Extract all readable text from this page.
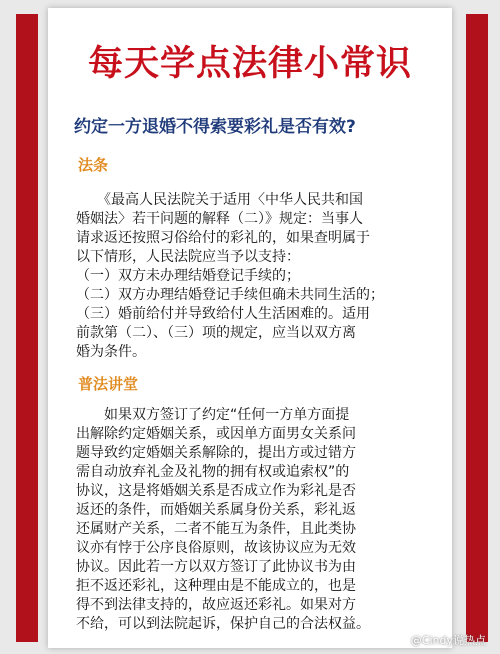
每天学点法律小常识
约定一方退婚不得索要彩礼是否有效?
法条
　　《最高人民法院关于适用〈中华人民共和国
婚姻法〉若干问题的解释（二）》规定：当事人
请求返还按照习俗给付的彩礼的，如果查明属于
以下情形，人民法院应当予以支持：
（一）双方未办理结婚登记手续的；
（二）双方办理结婚登记手续但确未共同生活的；
（三）婚前给付并导致给付人生活困难的。适用
前款第（二）、（三）项的规定，应当以双方离
婚为条件。
普法讲堂
　　如果双方签订了约定“任何一方单方面提
出解除约定婚姻关系，或因单方面男女关系问
题导致约定婚姻关系解除的，提出方或过错方
需自动放弃礼金及礼物的拥有权或追索权”的
协议，这是将婚姻关系是否成立作为彩礼是否
返还的条件，而婚姻关系属身份关系，彩礼返
还属财产关系，二者不能互为条件，且此类协
议亦有悖于公序良俗原则，故该协议应为无效
协议。因此若一方以双方签订了此协议书为由
拒不返还彩礼，这种理由是不能成立的，也是
得不到法律支持的，故应返还彩礼。如果对方
不给，可以到法院起诉，保护自己的合法权益。
@Cindy说热点
